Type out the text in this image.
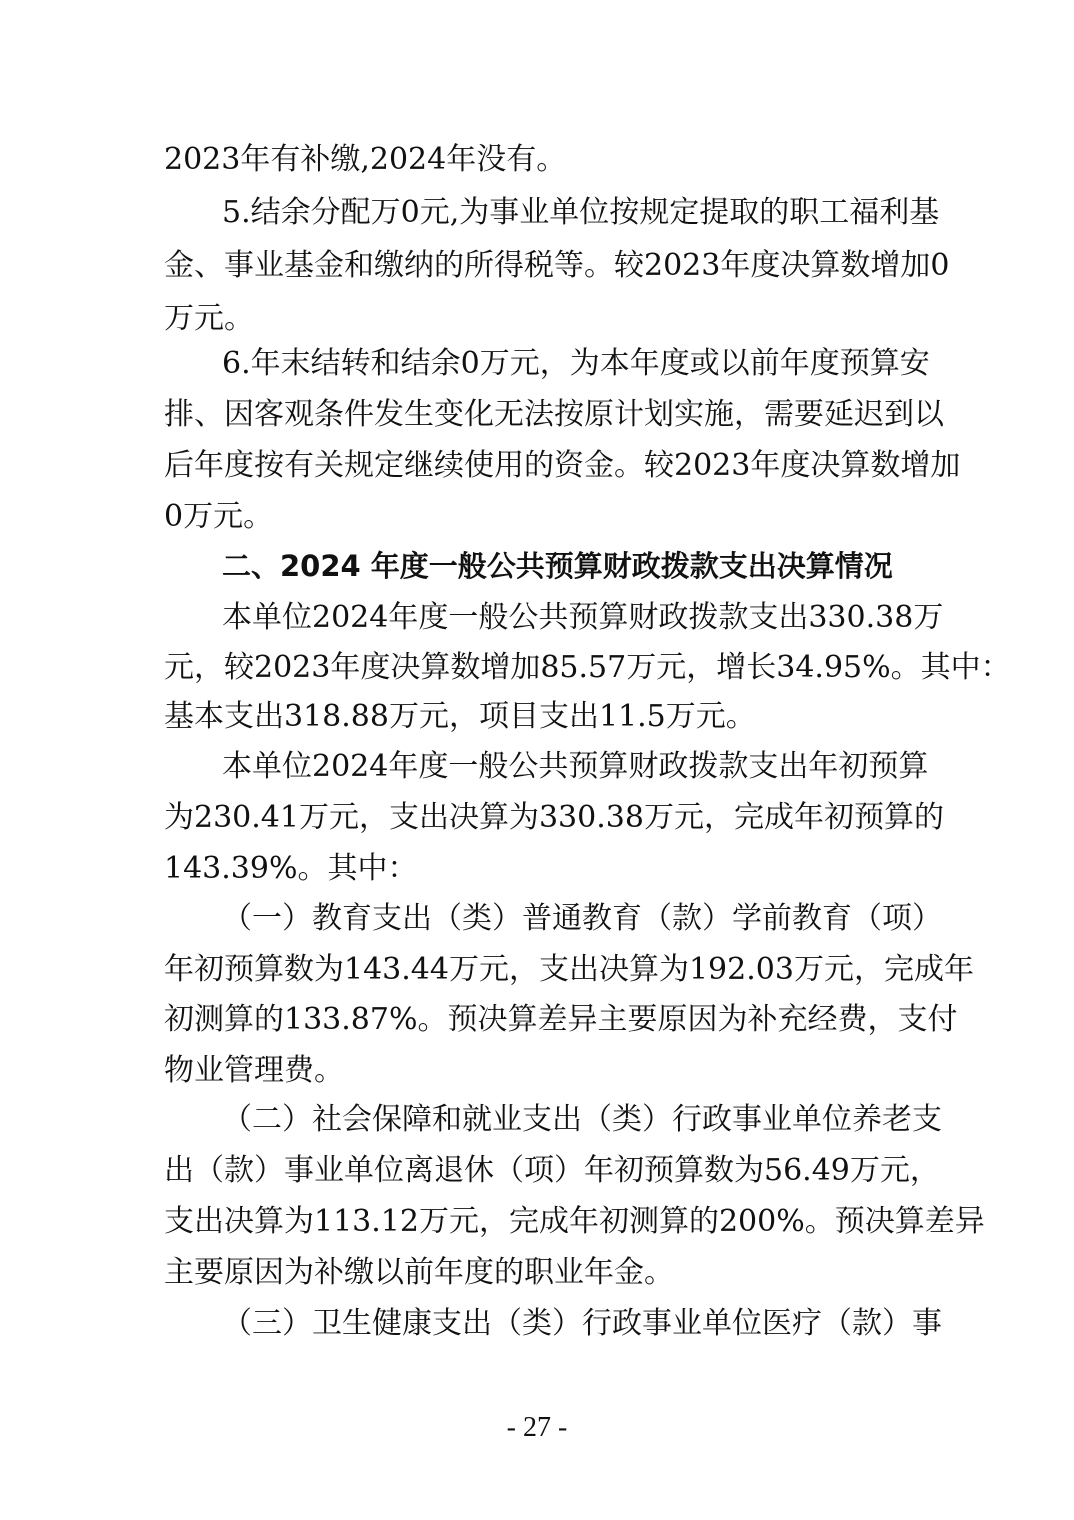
2023年有补缴,2024年没有。
5.结余分配万0元,为事业单位按规定提取的职工福利基
金、事业基金和缴纳的所得税等。较2023年度决算数增加0
万元。
6.年末结转和结余0万元，为本年度或以前年度预算安
排、因客观条件发生变化无法按原计划实施，需要延迟到以
后年度按有关规定继续使用的资金。较2023年度决算数增加
0万元。
二、2024 年度一般公共预算财政拨款支出决算情况
本单位2024年度一般公共预算财政拨款支出330.38万
元，较2023年度决算数增加85.57万元，增长34.95%。其中：
基本支出318.88万元，项目支出11.5万元。
本单位2024年度一般公共预算财政拨款支出年初预算
为230.41万元，支出决算为330.38万元，完成年初预算的
143.39%。其中：
（一）教育支出（类）普通教育（款）学前教育（项）
年初预算数为143.44万元，支出决算为192.03万元，完成年
初测算的133.87%。预决算差异主要原因为补充经费，支付
物业管理费。
（二）社会保障和就业支出（类）行政事业单位养老支
出（款）事业单位离退休（项）年初预算数为56.49万元，
支出决算为113.12万元，完成年初测算的200%。预决算差异
主要原因为补缴以前年度的职业年金。
（三）卫生健康支出（类）行政事业单位医疗（款）事
- 27 -
